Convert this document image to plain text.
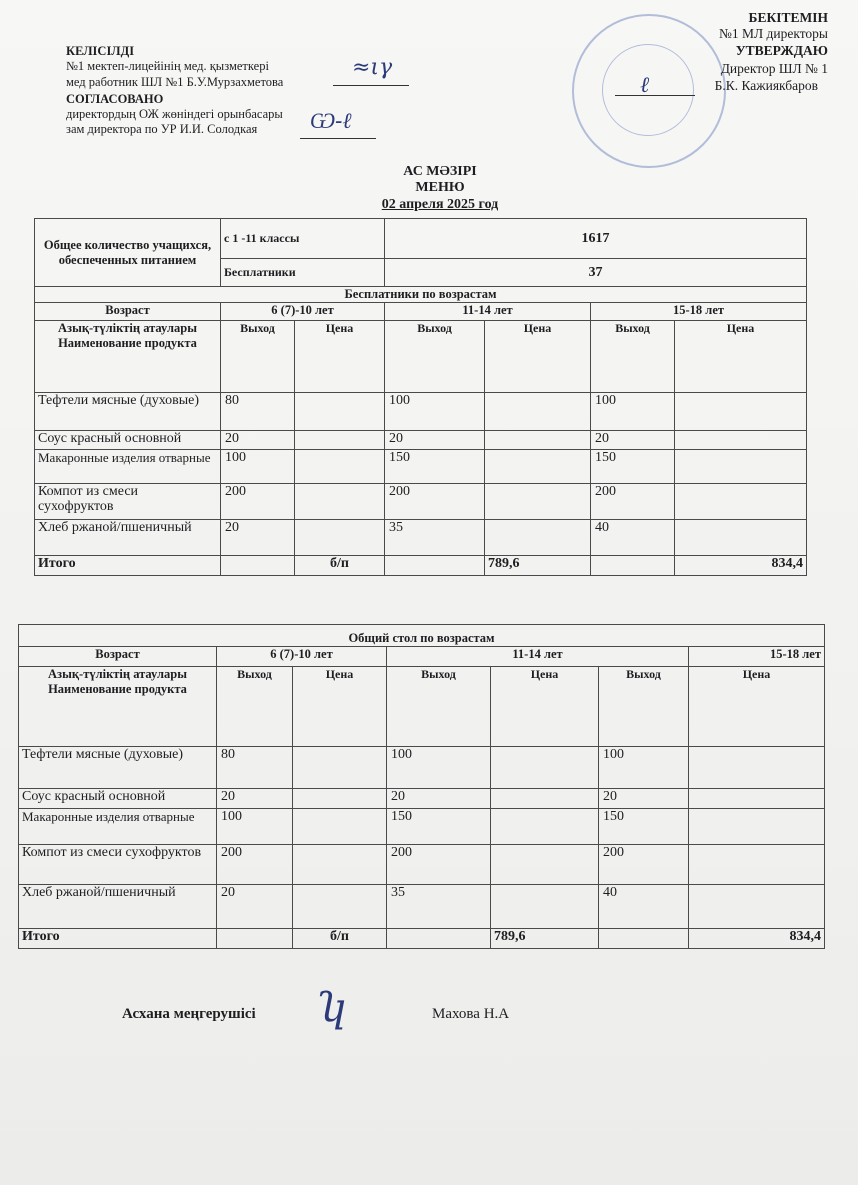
БЕКІТЕМІН
№1 МЛ директоры
УТВЕРЖДАЮ
Директор ШЛ № 1
Б.К. Кажиякбаров
ℓ
КЕЛІСІЛДІ
№1 мектеп-лицейінің мед. қызметкері
мед работник ШЛ №1 Б.У.Мурзахметова
≈ιγ
СОГЛАСОВАНО
директордың ОЖ жөніндегі орынбасары
зам директора по УР И.И. Солодкая Ѡ-ℓ
АС МӘЗІРІ
МЕНЮ
02 апреля 2025 год
Общее количество учащихся, обеспеченных питанием	с 1 -11 классы		1617			
	Бесплатники		37			
Бесплатники по возрастам						
Возраст	6 (7)-10 лет		11-14 лет		15-18 лет	
Азық-түліктің атаулары Наименование продукта	Выход	Цена	Выход	Цена	Выход	Цена
Тефтели мясные (духовые)	80		100		100	
Соус красный основной	20		20		20	
Макаронные изделия отварные	100		150		150	
Компот из смеси сухофруктов	200		200		200	
Хлеб ржаной/пшеничный	20		35		40	
Итого		б/п		789,6		834,4
Общий стол по возрастам						
Возраст	6 (7)-10 лет		11-14 лет			15-18 лет
Азық-түліктің атаулары Наименование продукта	Выход	Цена	Выход	Цена	Выход	Цена
Тефтели мясные (духовые)	80		100		100	
Соус красный основной	20		20		20	
Макаронные изделия отварные	100		150		150	
Компот из смеси сухофруктов	200		200		200	
Хлеб ржаной/пшеничный	20		35		40	
Итого		б/п		789,6		834,4
Асхана меңгерушісі ʮ	Махова Н.А
